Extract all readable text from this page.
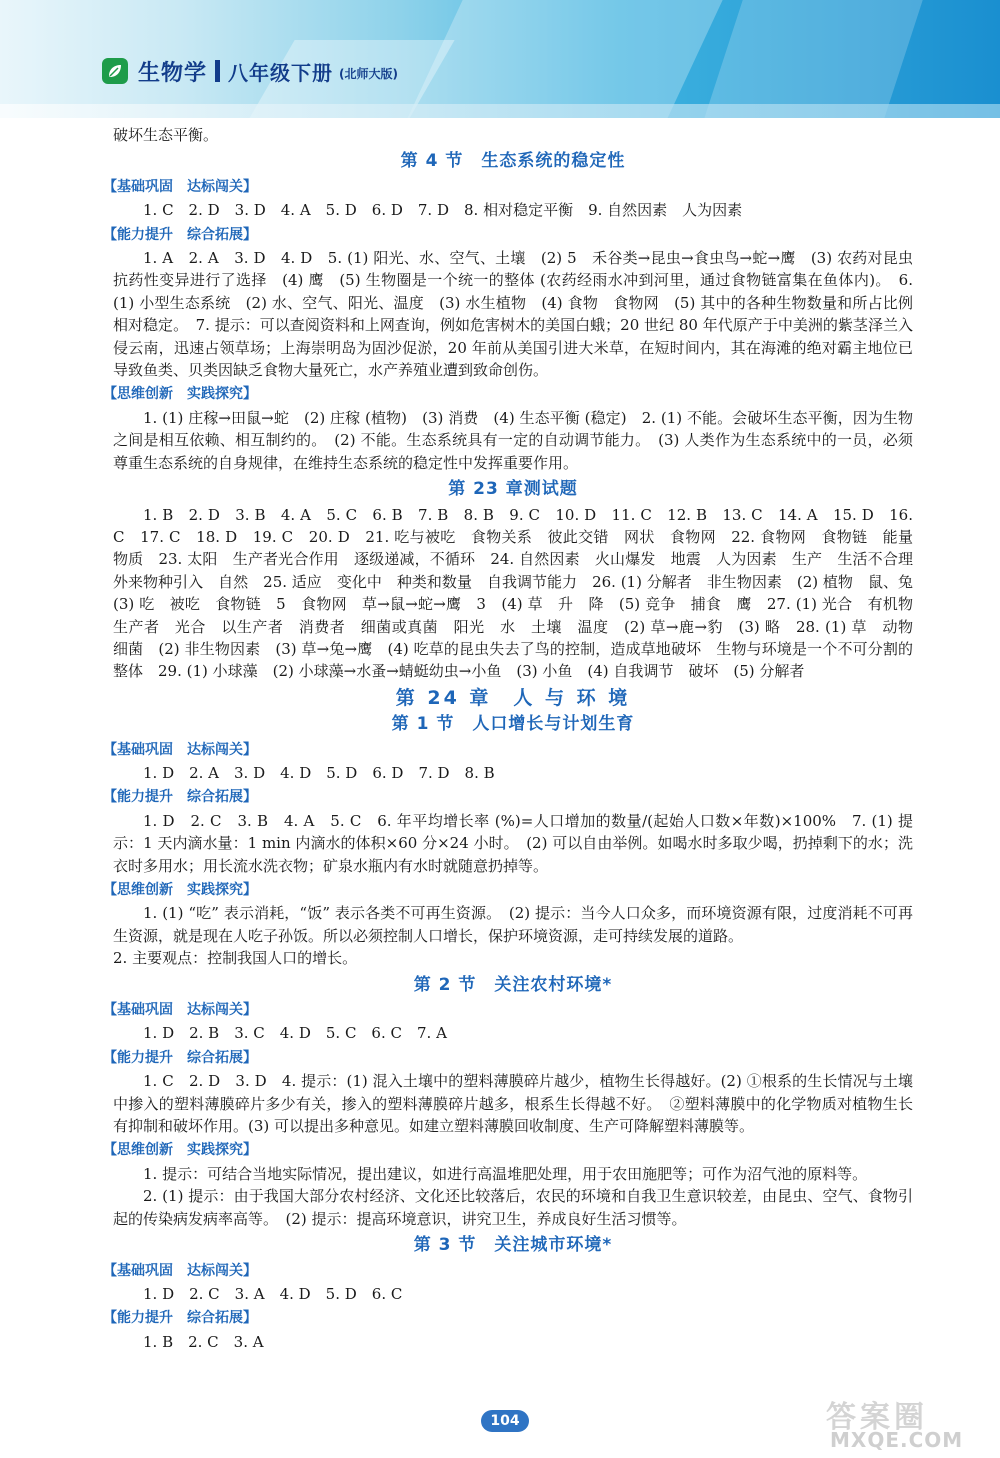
生物学 八年级下册 (北师大版)

破坏生态平衡。

第 4 节　生态系统的稳定性
【基础巩固　达标闯关】

1. C　2. D　3. D　4. A　5. D　6. D　7. D　8. 相对稳定平衡　9. 自然因素　人为因素

【能力提升　综合拓展】

1. A　2. A　3. D　4. D　5. (1) 阳光、水、空气、土壤　(2) 5　禾谷类→昆虫→食虫鸟→蛇→鹰　(3) 农药对昆虫抗药性变异进行了选择　(4) 鹰　(5) 生物圈是一个统一的整体 (农药经雨水冲到河里，通过食物链富集在鱼体内)。　6. (1) 小型生态系统　(2) 水、空气、阳光、温度　(3) 水生植物　(4) 食物　食物网　(5) 其中的各种生物数量和所占比例相对稳定。　7. 提示：可以查阅资料和上网查询，例如危害树木的美国白蛾；20 世纪 80 年代原产于中美洲的紫茎泽兰入侵云南，迅速占领草场；上海崇明岛为固沙促淤，20 年前从美国引进大米草，在短时间内，其在海滩的绝对霸主地位已导致鱼类、贝类因缺乏食物大量死亡，水产养殖业遭到致命创伤。

【思维创新　实践探究】

1. (1) 庄稼→田鼠→蛇　(2) 庄稼 (植物)　(3) 消费　(4) 生态平衡 (稳定)　2. (1) 不能。会破坏生态平衡，因为生物之间是相互依赖、相互制约的。　(2) 不能。生态系统具有一定的自动调节能力。　(3) 人类作为生态系统中的一员，必须尊重生态系统的自身规律，在维持生态系统的稳定性中发挥重要作用。

第 23 章测试题

1. B　2. D　3. B　4. A　5. C　6. B　7. B　8. B　9. C　10. D　11. C　12. B　13. C　14. A　15. D　16. C　17. C　18. D　19. C　20. D　21. 吃与被吃　食物关系　彼此交错　网状　食物网　22. 食物网　食物链　能量　物质　23. 太阳　生产者光合作用　逐级递减，不循环　24. 自然因素　火山爆发　地震　人为因素　生产　生活不合理　外来物种引入　自然　25. 适应　变化中　种类和数量　自我调节能力　26. (1) 分解者　非生物因素　(2) 植物　鼠、兔　(3) 吃　被吃　食物链　5　食物网　草→鼠→蛇→鹰　3　(4) 草　升　降　(5) 竞争　捕食　鹰　27. (1) 光合　有机物　生产者　光合　以生产者　消费者　细菌或真菌　阳光　水　土壤　温度　(2) 草→鹿→豹　(3) 略　28. (1) 草　动物　细菌　(2) 非生物因素　(3) 草→兔→鹰　(4) 吃草的昆虫失去了鸟的控制，造成草地破坏　生物与环境是一个不可分割的整体　29. (1) 小球藻　(2) 小球藻→水蚤→蜻蜓幼虫→小鱼　(3) 小鱼　(4) 自我调节　破坏　(5) 分解者

第 24 章　人 与 环 境
第 1 节　人口增长与计划生育
【基础巩固　达标闯关】

1. D　2. A　3. D　4. D　5. D　6. D　7. D　8. B

【能力提升　综合拓展】

1. D　2. C　3. B　4. A　5. C　6. 年平均增长率 (%)=人口增加的数量/(起始人口数×年数)×100%　7. (1) 提示：1 天内滴水量：1 min 内滴水的体积×60 分×24 小时。　(2) 可以自由举例。如喝水时多取少喝，扔掉剩下的水；洗衣时多用水；用长流水洗衣物；矿泉水瓶内有水时就随意扔掉等。

【思维创新　实践探究】

1. (1) “吃” 表示消耗，“饭” 表示各类不可再生资源。　(2) 提示：当今人口众多，而环境资源有限，过度消耗不可再生资源，就是现在人吃子孙饭。所以必须控制人口增长，保护环境资源，走可持续发展的道路。

2. 主要观点：控制我国人口的增长。

第 2 节　关注农村环境*
【基础巩固　达标闯关】

1. D　2. B　3. C　4. D　5. C　6. C　7. A

【能力提升　综合拓展】

1. C　2. D　3. D　4. 提示：(1) 混入土壤中的塑料薄膜碎片越少，植物生长得越好。(2) ①根系的生长情况与土壤中掺入的塑料薄膜碎片多少有关，掺入的塑料薄膜碎片越多，根系生长得越不好。　②塑料薄膜中的化学物质对植物生长有抑制和破坏作用。(3) 可以提出多种意见。如建立塑料薄膜回收制度、生产可降解塑料薄膜等。

【思维创新　实践探究】

1. 提示：可结合当地实际情况，提出建议，如进行高温堆肥处理，用于农田施肥等；可作为沼气池的原料等。

2. (1) 提示：由于我国大部分农村经济、文化还比较落后，农民的环境和自我卫生意识较差，由昆虫、空气、食物引起的传染病发病率高等。　(2) 提示：提高环境意识，讲究卫生，养成良好生活习惯等。

第 3 节　关注城市环境*
【基础巩固　达标闯关】

1. D　2. C　3. A　4. D　5. D　6. C

【能力提升　综合拓展】

1. B　2. C　3. A

104	答案圈
MXQE.COM
